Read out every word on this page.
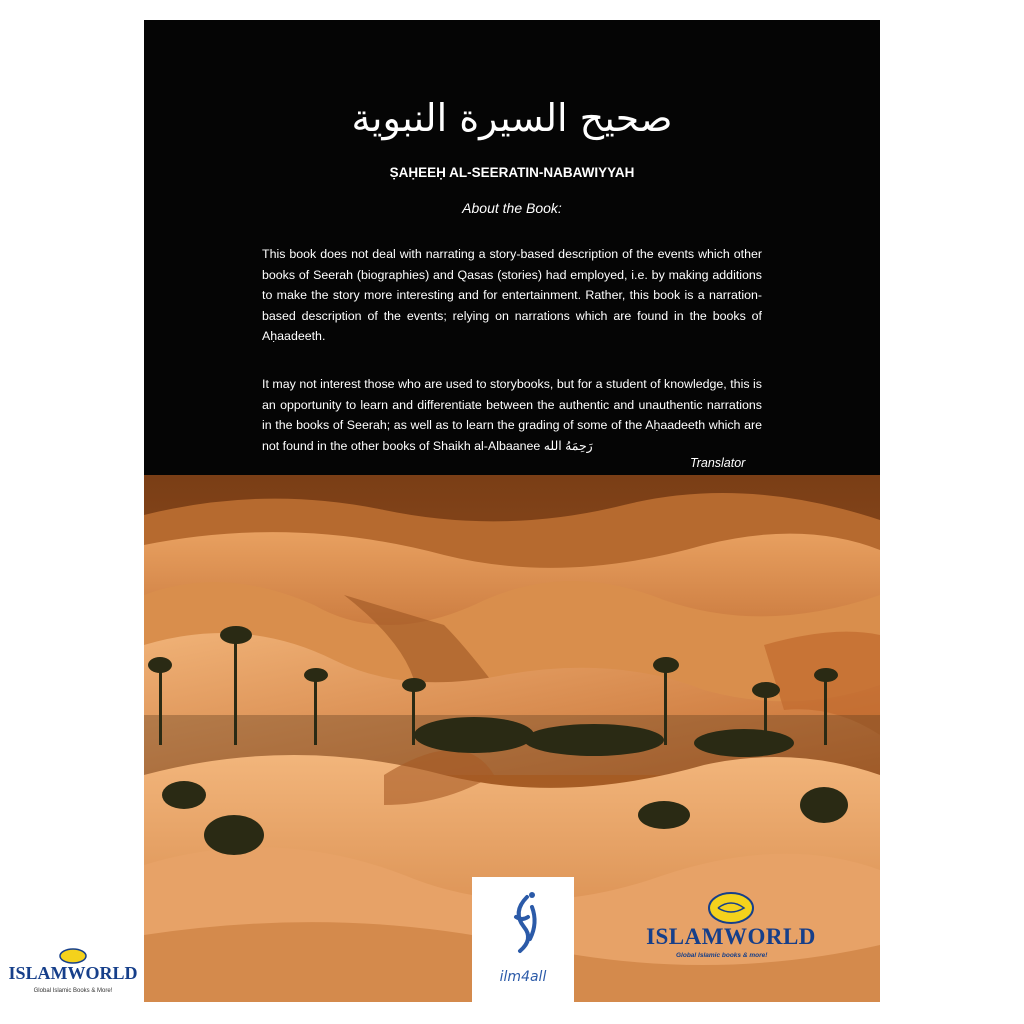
صحيح السيرة النبوية
ṢAḤEEḤ AL-SEERATIN-NABAWIYYAH
About the Book:
This book does not deal with narrating a story-based description of the events which other books of Seerah (biographies) and Qasas (stories) had employed, i.e. by making additions to make the story more interesting and for entertainment. Rather, this book is a narration-based description of the events; relying on narrations which are found in the books of Aḥaadeeth.
It may not interest those who are used to storybooks, but for a student of knowledge, this is an opportunity to learn and differentiate between the authentic and unauthentic narrations in the books of Seerah; as well as to learn the grading of some of the Aḥaadeeth which are not found in the other books of Shaikh al-Albaanee رَحِمَهُ الله
Translator
ilm4all
ISLAMWORLD
Global Islamic books & more!
ISLAMWORLD
Global Islamic Books & More!
